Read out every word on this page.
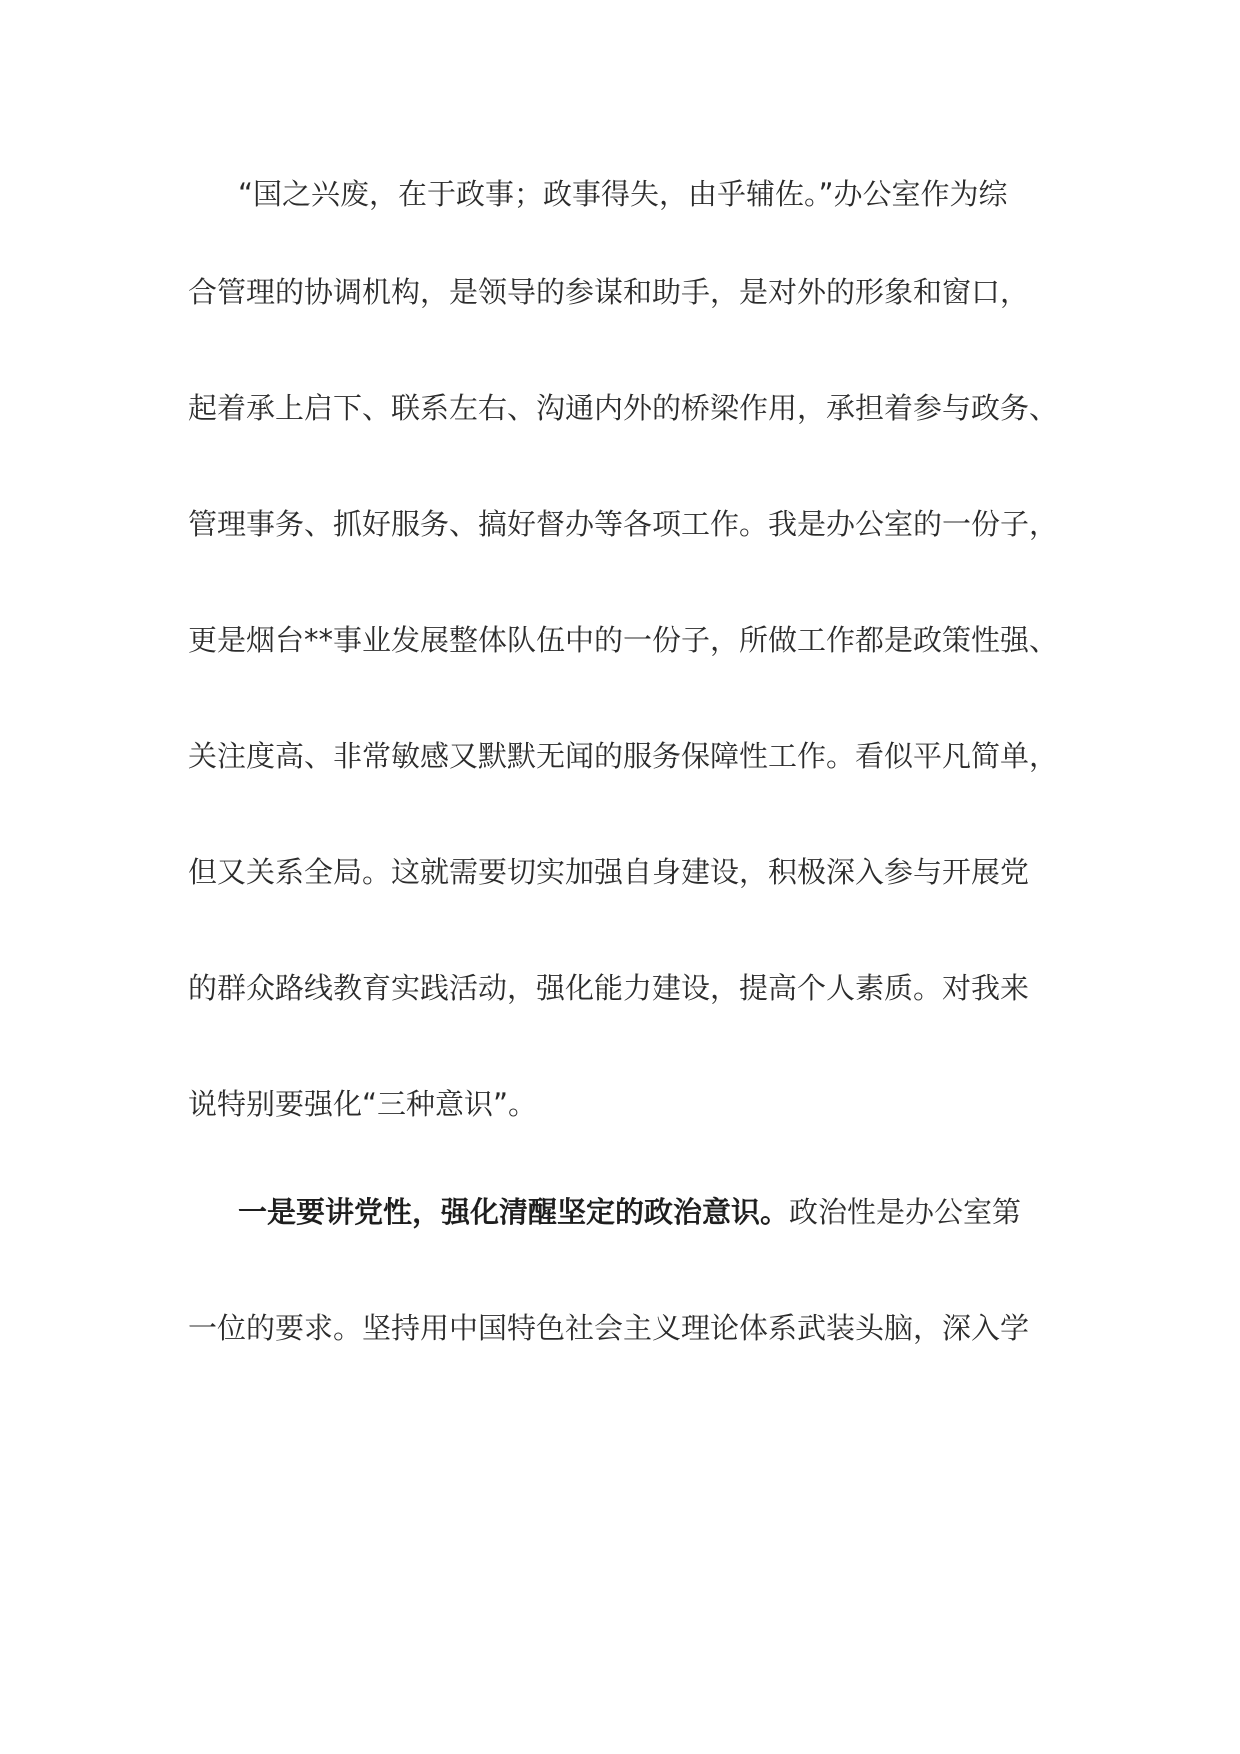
“国之兴废，在于政事；政事得失，由乎辅佐。”办公室作为综
合管理的协调机构，是领导的参谋和助手，是对外的形象和窗口，
起着承上启下、联系左右、沟通内外的桥梁作用，承担着参与政务、
管理事务、抓好服务、搞好督办等各项工作。我是办公室的一份子，
更是烟台**事业发展整体队伍中的一份子，所做工作都是政策性强、
关注度高、非常敏感又默默无闻的服务保障性工作。看似平凡简单，
但又关系全局。这就需要切实加强自身建设，积极深入参与开展党
的群众路线教育实践活动，强化能力建设，提高个人素质。对我来
说特别要强化“三种意识”。
一是要讲党性，强化清醒坚定的政治意识。政治性是办公室第
一位的要求。坚持用中国特色社会主义理论体系武装头脑，深入学
